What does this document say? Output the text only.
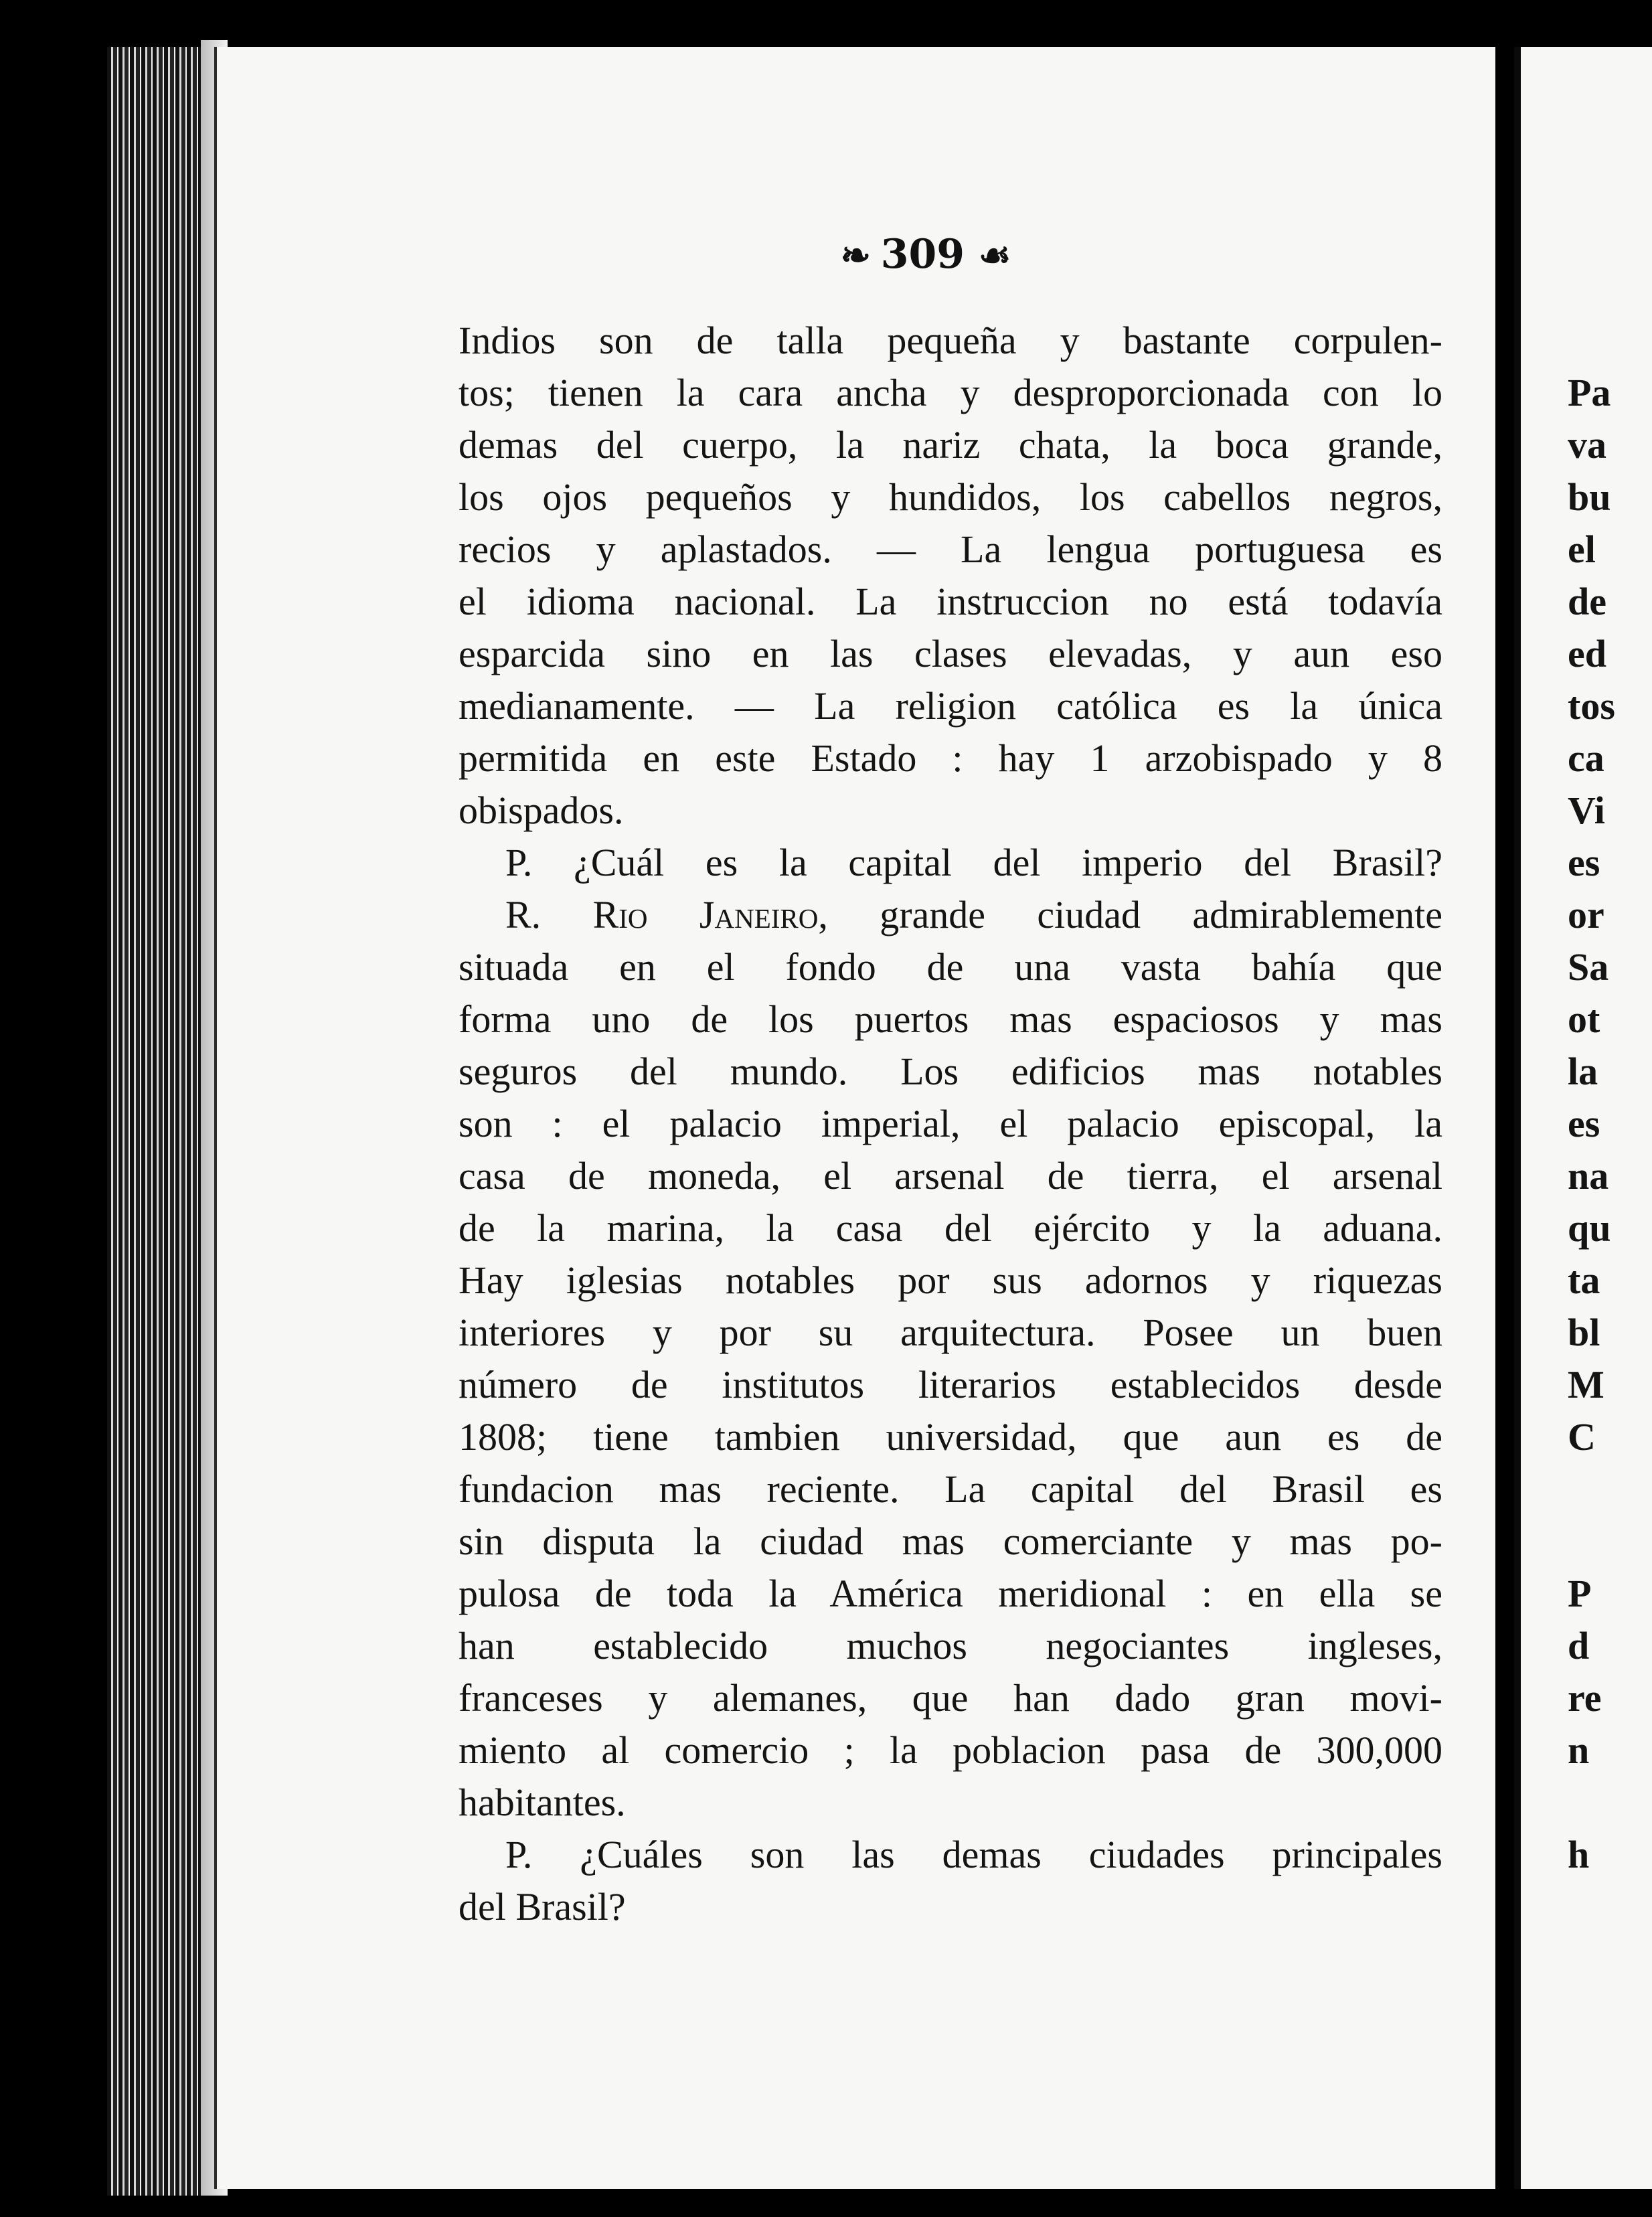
❧ 309 ☙
Indios son de talla pequeña y bastante corpulen-
tos; tienen la cara ancha y desproporcionada con lo
demas del cuerpo, la nariz chata, la boca grande,
los ojos pequeños y hundidos, los cabellos negros,
recios y aplastados. — La lengua portuguesa es
el idioma nacional. La instruccion no está todavía
esparcida sino en las clases elevadas, y aun eso
medianamente. — La religion católica es la única
permitida en este Estado : hay 1 arzobispado y 8
obispados.
P. ¿Cuál es la capital del imperio del Brasil?
R. Rio Janeiro, grande ciudad admirablemente
situada en el fondo de una vasta bahía que
forma uno de los puertos mas espaciosos y mas
seguros del mundo. Los edificios mas notables
son : el palacio imperial, el palacio episcopal, la
casa de moneda, el arsenal de tierra, el arsenal
de la marina, la casa del ejército y la aduana.
Hay iglesias notables por sus adornos y riquezas
interiores y por su arquitectura. Posee un buen
número de institutos literarios establecidos desde
1808; tiene tambien universidad, que aun es de
fundacion mas reciente. La capital del Brasil es
sin disputa la ciudad mas comerciante y mas po-
pulosa de toda la América meridional : en ella se
han establecido muchos negociantes ingleses,
franceses y alemanes, que han dado gran movi-
miento al comercio ; la poblacion pasa de 300,000
habitantes.
P. ¿Cuáles son las demas ciudades principales
del Brasil?
Pa
va
bu
el
de
ed
tos
ca
Vi
es
or
Sa
ot
la
es
na
qu
ta
bl
M
C
P
d
re
n
h
